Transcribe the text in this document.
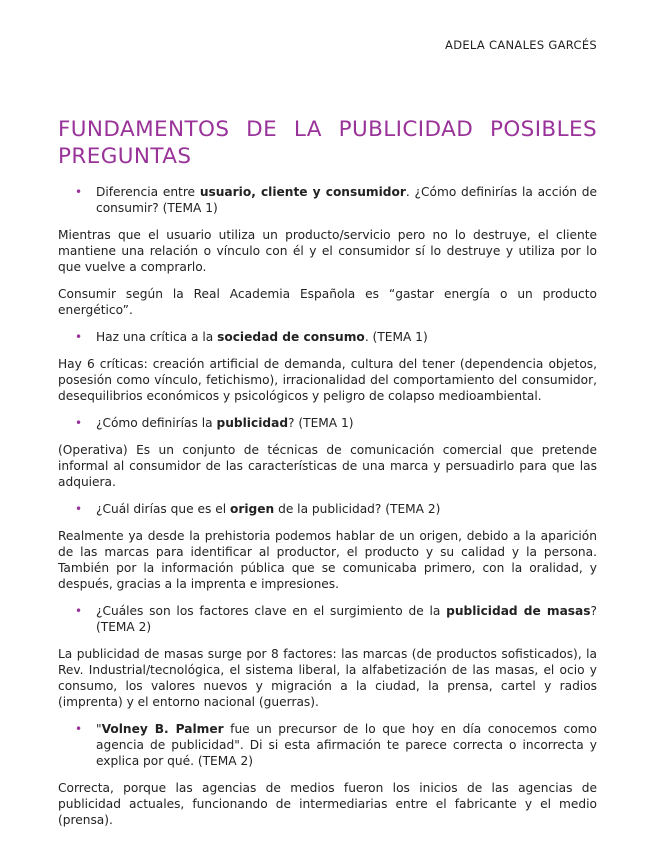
ADELA CANALES GARCÉS
FUNDAMENTOS DE LA PUBLICIDAD POSIBLES PREGUNTAS
• Diferencia entre usuario, cliente y consumidor. ¿Cómo definirías la acción de consumir? (TEMA 1)

Mientras que el usuario utiliza un producto/servicio pero no lo destruye, el cliente mantiene una relación o vínculo con él y el consumidor sí lo destruye y utiliza por lo que vuelve a comprarlo.

Consumir según la Real Academia Española es “gastar energía o un producto energético”.

• Haz una crítica a la sociedad de consumo. (TEMA 1)

Hay 6 críticas: creación artificial de demanda, cultura del tener (dependencia objetos, posesión como vínculo, fetichismo), irracionalidad del comportamiento del consumidor, desequilibrios económicos y psicológicos y peligro de colapso medioambiental.

• ¿Cómo definirías la publicidad? (TEMA 1)

(Operativa) Es un conjunto de técnicas de comunicación comercial que pretende informal al consumidor de las características de una marca y persuadirlo para que las adquiera.

• ¿Cuál dirías que es el origen de la publicidad? (TEMA 2)

Realmente ya desde la prehistoria podemos hablar de un origen, debido a la aparición de las marcas para identificar al productor, el producto y su calidad y la persona. También por la información pública que se comunicaba primero, con la oralidad, y después, gracias a la imprenta e impresiones.

• ¿Cuáles son los factores clave en el surgimiento de la publicidad de masas? (TEMA 2)

La publicidad de masas surge por 8 factores: las marcas (de productos sofisticados), la Rev. Industrial/tecnológica, el sistema liberal, la alfabetización de las masas, el ocio y consumo, los valores nuevos y migración a la ciudad, la prensa, cartel y radios (imprenta) y el entorno nacional (guerras).

• "Volney B. Palmer fue un precursor de lo que hoy en día conocemos como agencia de publicidad". Di si esta afirmación te parece correcta o incorrecta y explica por qué. (TEMA 2)

Correcta, porque las agencias de medios fueron los inicios de las agencias de publicidad actuales, funcionando de intermediarias entre el fabricante y el medio (prensa).
